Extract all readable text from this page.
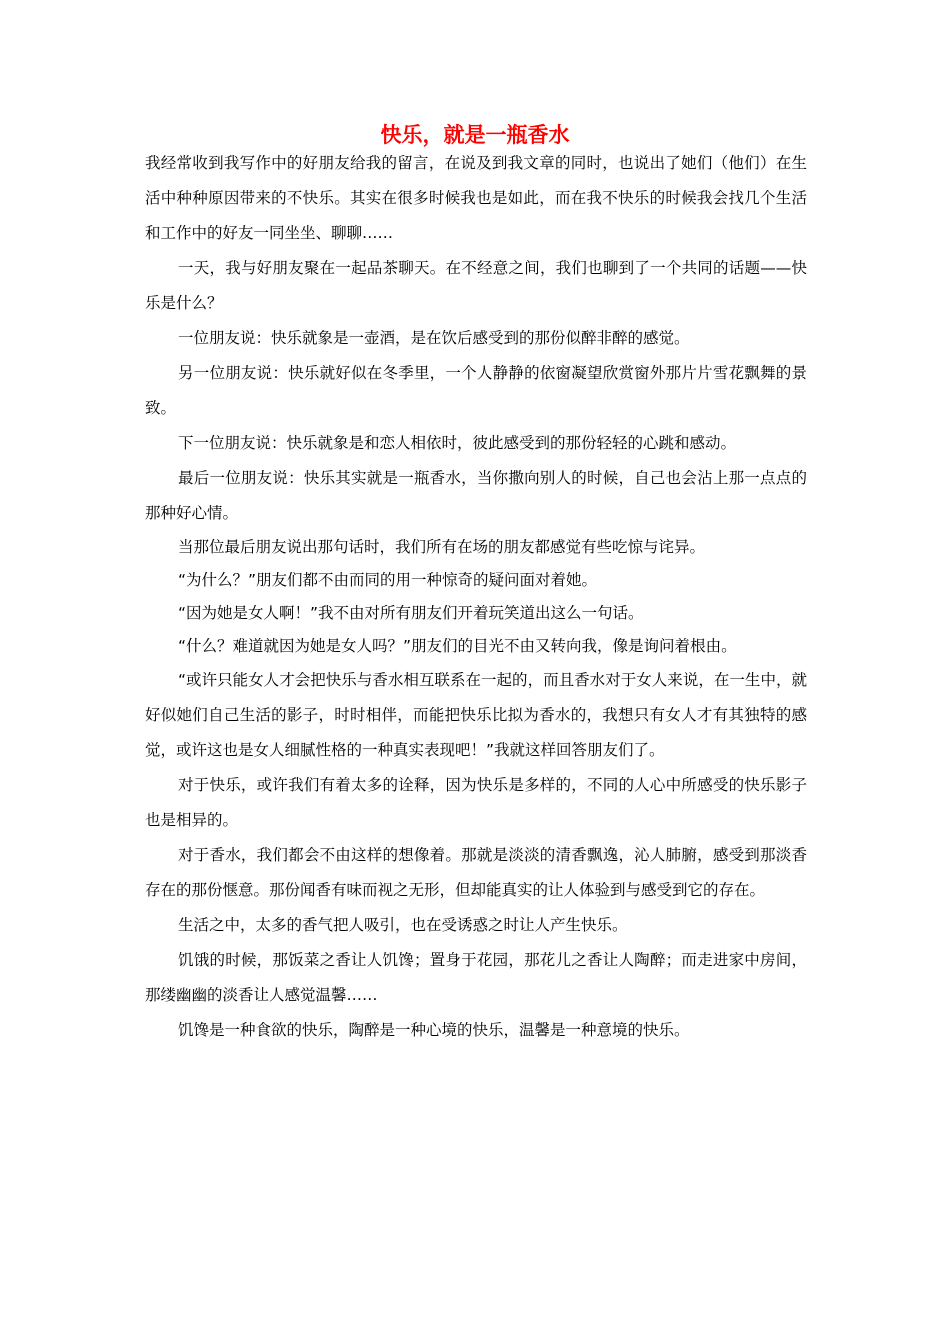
快乐，就是一瓶香水

我经常收到我写作中的好朋友给我的留言，在说及到我文章的同时，也说出了她们（他们）在生活中种种原因带来的不快乐。其实在很多时候我也是如此，而在我不快乐的时候我会找几个生活和工作中的好友一同坐坐、聊聊……

一天，我与好朋友聚在一起品茶聊天。在不经意之间，我们也聊到了一个共同的话题——快乐是什么？

一位朋友说：快乐就象是一壶酒，是在饮后感受到的那份似醉非醉的感觉。

另一位朋友说：快乐就好似在冬季里，一个人静静的依窗凝望欣赏窗外那片片雪花飘舞的景致。

下一位朋友说：快乐就象是和恋人相依时，彼此感受到的那份轻轻的心跳和感动。

最后一位朋友说：快乐其实就是一瓶香水，当你撒向别人的时候，自己也会沾上那一点点的那种好心情。

当那位最后朋友说出那句话时，我们所有在场的朋友都感觉有些吃惊与诧异。

“为什么？”朋友们都不由而同的用一种惊奇的疑问面对着她。

“因为她是女人啊！”我不由对所有朋友们开着玩笑道出这么一句话。

“什么？难道就因为她是女人吗？”朋友们的目光不由又转向我，像是询问着根由。

“或许只能女人才会把快乐与香水相互联系在一起的，而且香水对于女人来说，在一生中，就好似她们自己生活的影子，时时相伴，而能把快乐比拟为香水的，我想只有女人才有其独特的感觉，或许这也是女人细腻性格的一种真实表现吧！”我就这样回答朋友们了。

对于快乐，或许我们有着太多的诠释，因为快乐是多样的，不同的人心中所感受的快乐影子也是相异的。

对于香水，我们都会不由这样的想像着。那就是淡淡的清香飘逸，沁人肺腑，感受到那淡香存在的那份惬意。那份闻香有味而视之无形，但却能真实的让人体验到与感受到它的存在。

生活之中，太多的香气把人吸引，也在受诱惑之时让人产生快乐。

饥饿的时候，那饭菜之香让人饥馋；置身于花园，那花儿之香让人陶醉；而走进家中房间，那缕幽幽的淡香让人感觉温馨……

饥馋是一种食欲的快乐，陶醉是一种心境的快乐，温馨是一种意境的快乐。
